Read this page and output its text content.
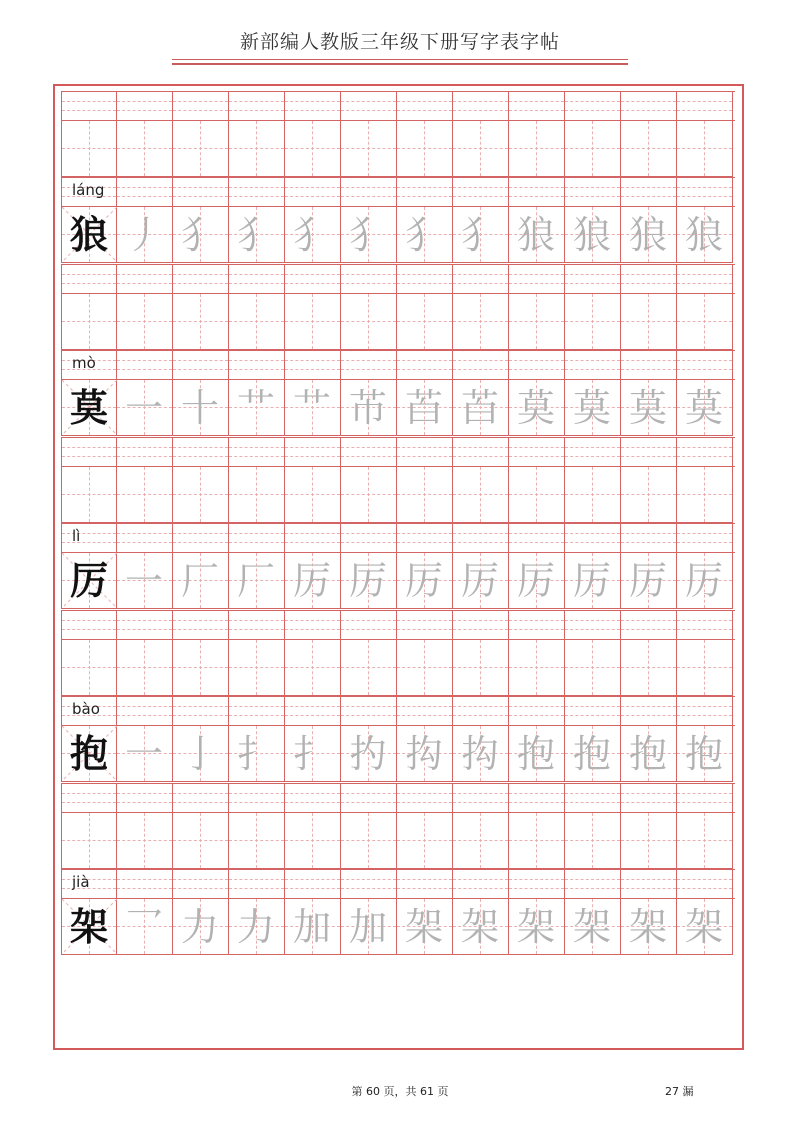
新部编人教版三年级下册写字表字帖
狼 丿 犭 犭 犭 犭 犭 犭 狼 狼 狼 狼
莫 一 十 艹 艹 芇 苩 苩 莫 莫 莫 莫
厉 一 厂 厂 厉 厉 厉 厉 厉 厉 厉 厉
抱 一 亅 扌 扌 扚 抅 抅 抱 抱 抱 抱
架 乛 力 力 加 加 架 架 架 架 架 架
láng
mò
lì
bào
jià
第 60 页，共 61 页	27 漏
